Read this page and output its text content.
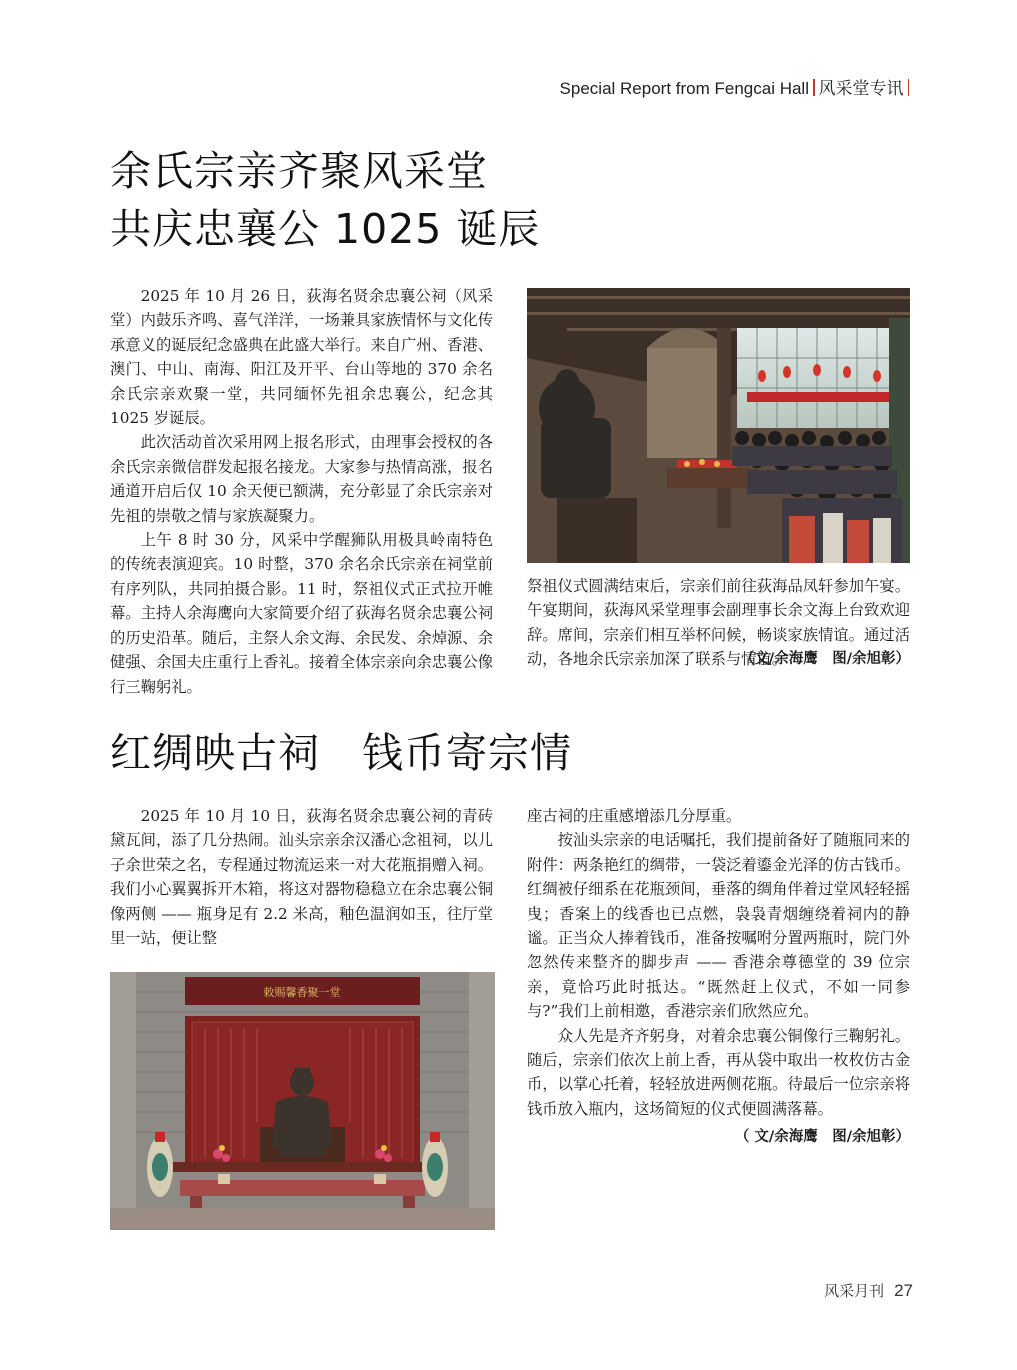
Special Report from Fengcai Hall 风采堂专讯
余氏宗亲齐聚风采堂
共庆忠襄公 1025 诞辰

2025 年 10 月 26 日，荻海名贤余忠襄公祠（风采堂）内鼓乐齐鸣、喜气洋洋，一场兼具家族情怀与文化传承意义的诞辰纪念盛典在此盛大举行。来自广州、香港、澳门、中山、南海、阳江及开平、台山等地的 370 余名余氏宗亲欢聚一堂，共同缅怀先祖余忠襄公，纪念其 1025 岁诞辰。

此次活动首次采用网上报名形式，由理事会授权的各余氏宗亲微信群发起报名接龙。大家参与热情高涨，报名通道开启后仅 10 余天便已额满，充分彰显了余氏宗亲对先祖的崇敬之情与家族凝聚力。

上午 8 时 30 分，风采中学醒狮队用极具岭南特色的传统表演迎宾。10 时整，370 余名余氏宗亲在祠堂前有序列队，共同拍摄合影。11 时，祭祖仪式正式拉开帷幕。主持人余海鹰向大家简要介绍了荻海名贤余忠襄公祠的历史沿革。随后，主祭人余文海、余民发、余焯源、余健强、余国夫庄重行上香礼。接着全体宗亲向余忠襄公像行三鞠躬礼。

祭祖仪式圆满结束后，宗亲们前往荻海品凤轩参加午宴。午宴期间，荻海风采堂理事会副理事长余文海上台致欢迎辞。席间，宗亲们相互举杯问候，畅谈家族情谊。通过活动，各地余氏宗亲加深了联系与情谊。

（文/余海鹰　图/余旭彰）
红绸映古祠　钱币寄宗情

2025 年 10 月 10 日，荻海名贤余忠襄公祠的青砖黛瓦间，添了几分热闹。汕头宗亲余汉潘心念祖祠，以儿子余世荣之名，专程通过物流运来一对大花瓶捐赠入祠。我们小心翼翼拆开木箱，将这对器物稳稳立在余忠襄公铜像两侧 —— 瓶身足有 2.2 米高，釉色温润如玉，往厅堂里一站，便让整

敕赐馨香聚一堂

座古祠的庄重感增添几分厚重。

按汕头宗亲的电话嘱托，我们提前备好了随瓶同来的附件：两条艳红的绸带，一袋泛着鎏金光泽的仿古钱币。红绸被仔细系在花瓶颈间，垂落的绸角伴着过堂风轻轻摇曳；香案上的线香也已点燃，袅袅青烟缠绕着祠内的静谧。正当众人捧着钱币，准备按嘱咐分置两瓶时，院门外忽然传来整齐的脚步声 —— 香港余尊德堂的 39 位宗亲，竟恰巧此时抵达。“既然赶上仪式，不如一同参与?”我们上前相邀，香港宗亲们欣然应允。

众人先是齐齐躬身，对着余忠襄公铜像行三鞠躬礼。随后，宗亲们依次上前上香，再从袋中取出一枚枚仿古金币，以掌心托着，轻轻放进两侧花瓶。待最后一位宗亲将钱币放入瓶内，这场简短的仪式便圆满落幕。

（ 文/余海鹰　图/余旭彰）
风采月刊 27
